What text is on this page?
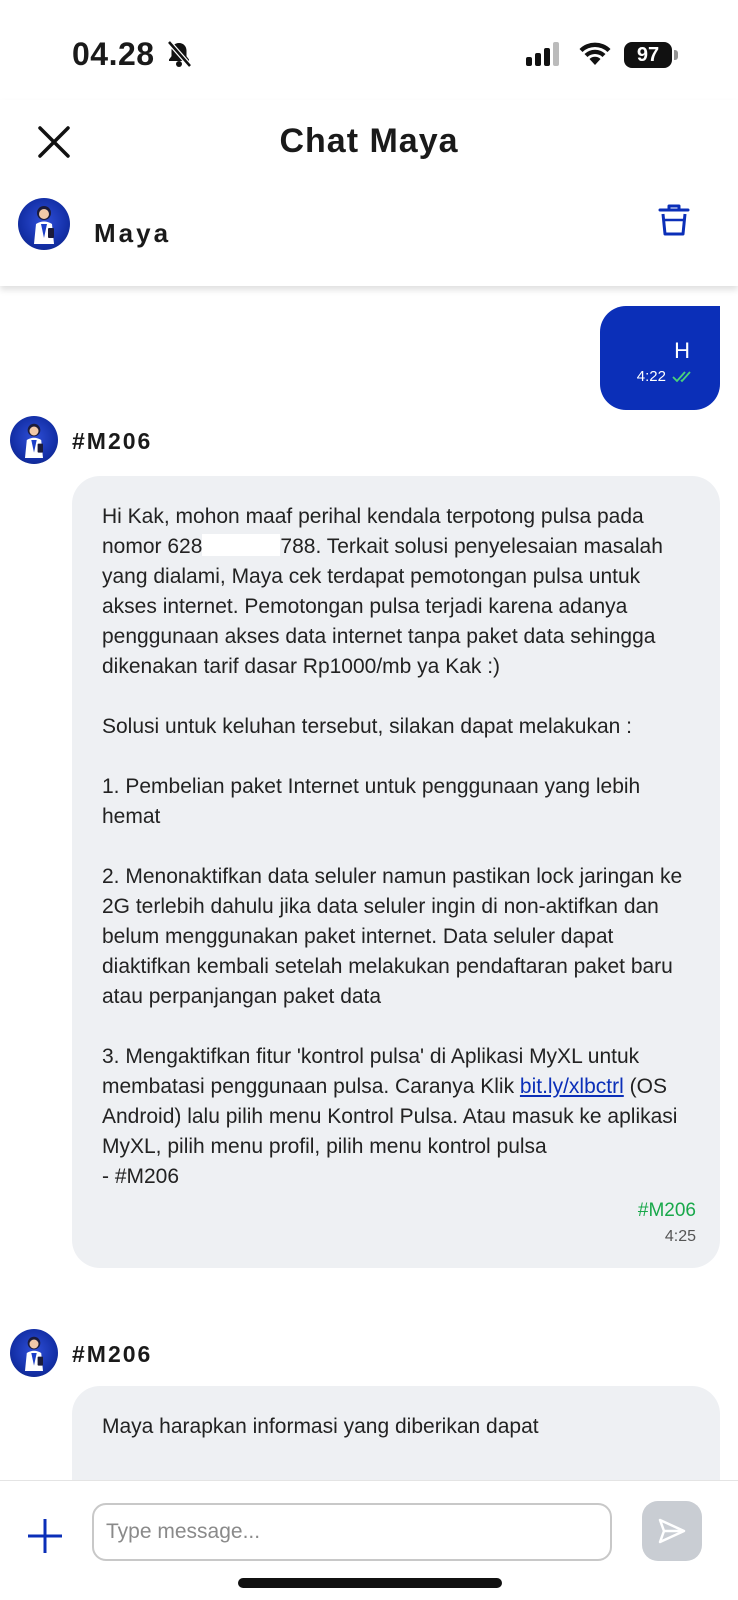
04.28	97
Chat Maya
Maya
H
4:22
#M206
Hi Kak, mohon maaf perihal kendala terpotong pulsa pada nomor 628	788. Terkait solusi penyelesaian masalah yang dialami, Maya cek terdapat pemotongan pulsa untuk akses internet. Pemotongan pulsa terjadi karena adanya penggunaan akses data internet tanpa paket data sehingga dikenakan tarif dasar Rp1000/mb ya Kak :)

Solusi untuk keluhan tersebut, silakan dapat melakukan :

1. Pembelian paket Internet untuk penggunaan yang lebih hemat

2. Menonaktifkan data seluler namun pastikan lock jaringan ke 2G terlebih dahulu jika data seluler ingin di non-aktifkan dan belum menggunakan paket internet. Data seluler dapat diaktifkan kembali setelah melakukan pendaftaran paket baru atau perpanjangan paket data

3. Mengaktifkan fitur 'kontrol pulsa' di Aplikasi MyXL untuk membatasi penggunaan pulsa. Caranya Klik bit.ly/xlbctrl (OS Android) lalu pilih menu Kontrol Pulsa. Atau masuk ke aplikasi MyXL, pilih menu profil, pilih menu kontrol pulsa
- #M206
#M206
4:25
#M206
Maya harapkan informasi yang diberikan dapat
Type message...
